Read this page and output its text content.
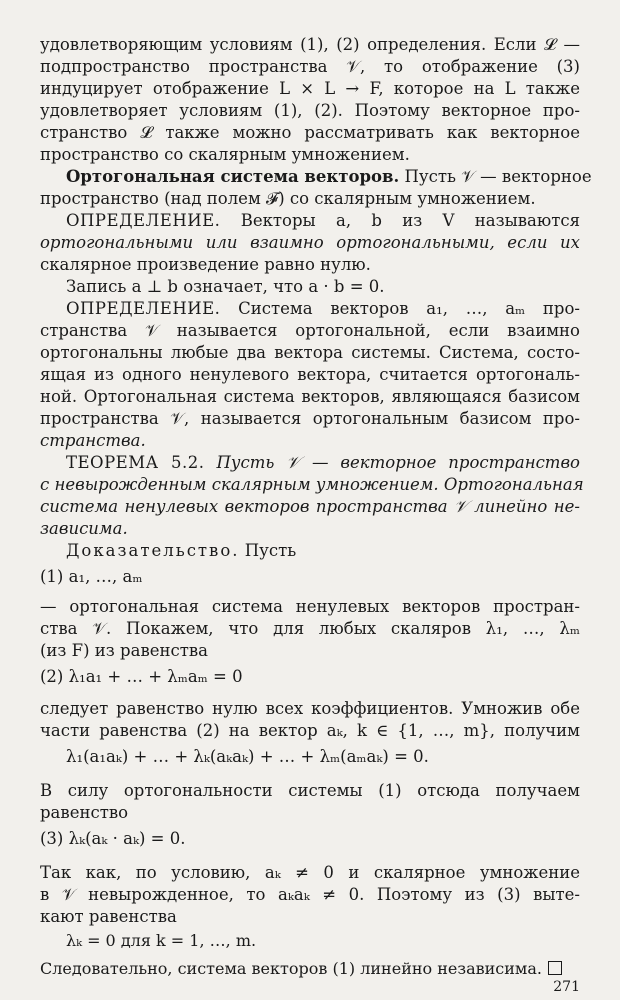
удовлетворяющим условиям (1), (2) определения. Если 𝓛 —
подпространство пространства 𝒱, то отображение (3)
индуцирует отображение L × L → F, которое на L также
удовлетворяет условиям (1), (2). Поэтому векторное про-
странство 𝓛 также можно рассматривать как векторное
пространство со скалярным умножением.
Ортогональная система векторов. Пусть 𝒱 — векторное
пространство (над полем 𝓕) со скалярным умножением.
ОПРЕДЕЛЕНИЕ. Векторы a, b из V называются
ортогональными или взаимно ортогональными, если их
скалярное произведение равно нулю.
Запись a ⊥ b означает, что a · b = 0.
ОПРЕДЕЛЕНИЕ. Система векторов a₁, …, aₘ про-
странства 𝒱 называется ортогональной, если взаимно
ортогональны любые два вектора системы. Система, состо-
ящая из одного ненулевого вектора, считается ортогональ-
ной. Ортогональная система векторов, являющаяся базисом
пространства 𝒱, называется ортогональным базисом про-
странства.
ТЕОРЕМА 5.2. Пусть 𝒱 — векторное пространство
с невырожденным скалярным умножением. Ортогональная
система ненулевых векторов пространства 𝒱 линейно не-
зависима.
Доказательство. Пусть
(1) a₁, …, aₘ
— ортогональная система ненулевых векторов простран-
ства 𝒱. Покажем, что для любых скаляров λ₁, …, λₘ
(из F) из равенства
(2) λ₁a₁ + … + λₘaₘ = 0
следует равенство нулю всех коэффициентов. Умножив обе
части равенства (2) на вектор aₖ, k ∈ {1, …, m}, получим
λ₁(a₁aₖ) + … + λₖ(aₖaₖ) + … + λₘ(aₘaₖ) = 0.
В силу ортогональности системы (1) отсюда получаем
равенство
(3) λₖ(aₖ · aₖ) = 0.
Так как, по условию, aₖ ≠ 0 и скалярное умножение
в 𝒱 невырожденное, то aₖaₖ ≠ 0. Поэтому из (3) выте-
кают равенства
λₖ = 0 для k = 1, …, m.
Следовательно, система векторов (1) линейно независима.
271
